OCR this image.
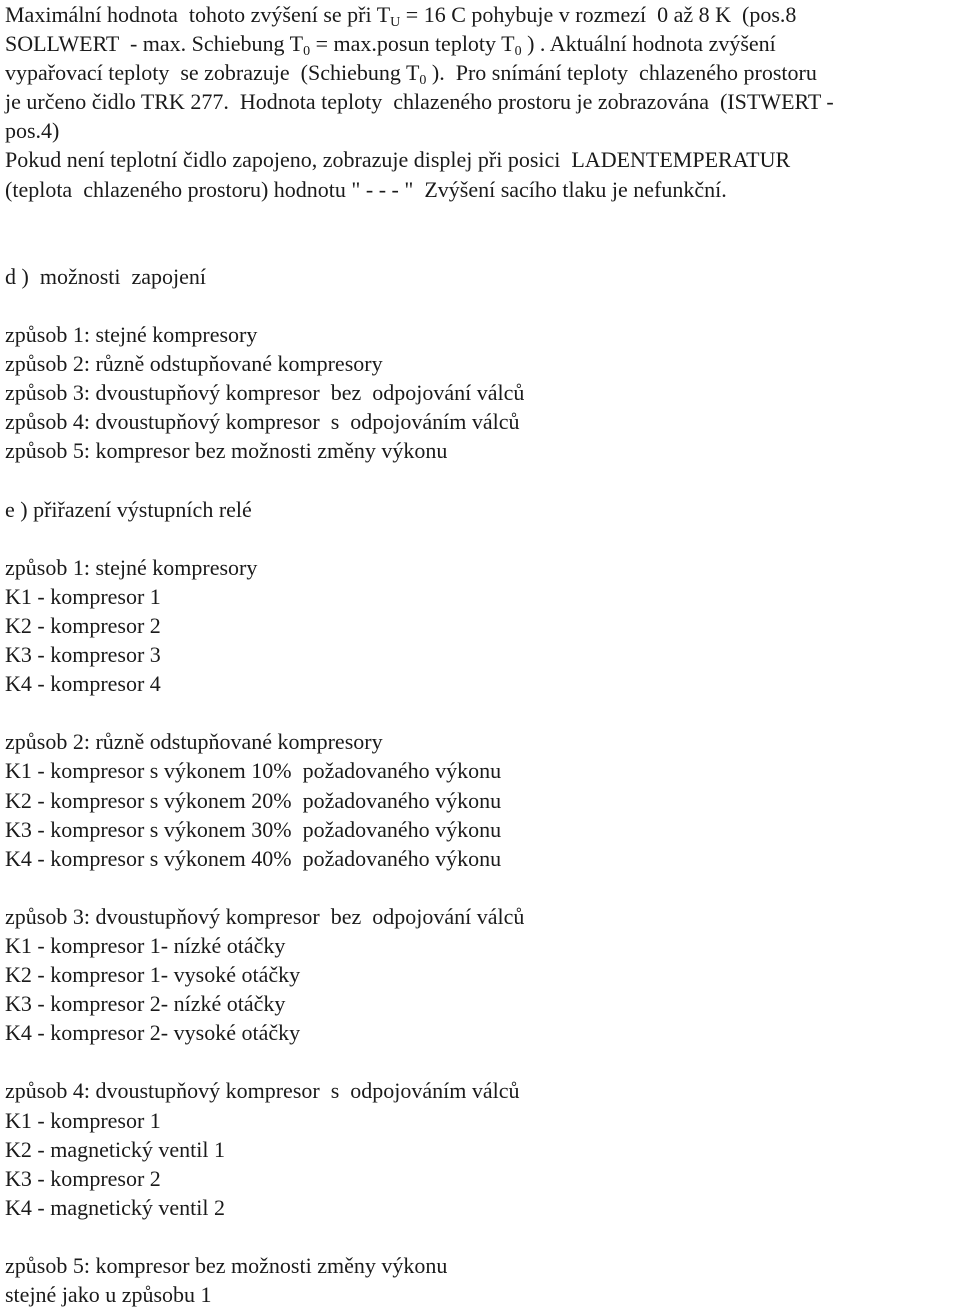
Maximální hodnota  tohoto zvýšení se při $T_U = 16$ C pohybuje v rozmezí  0 až 8 K  (pos.8
SOLLWERT  - max. Schiebung $T_0$ = max.posun teploty $T_0$ ) . Aktuální hodnota zvýšení
vypařovací teploty  se zobrazuje  (Schiebung $T_0$ ).  Pro snímání teploty  chlazeného prostoru
je určeno čidlo TRK 277.  Hodnota teploty  chlazeného prostoru je zobrazována  (ISTWERT -
pos.4)
Pokud není teplotní čidlo zapojeno, zobrazuje displej při posici  LADENTEMPERATUR
(teplota  chlazeného prostoru) hodnotu " - - - "  Zvýšení sacího tlaku je nefunkční.
d )  možnosti  zapojení
způsob 1: stejné kompresory
způsob 2: různě odstupňované kompresory
způsob 3: dvoustupňový kompresor  bez  odpojování válců
způsob 4: dvoustupňový kompresor  s  odpojováním válců
způsob 5: kompresor bez možnosti změny výkonu
e ) přiřazení výstupních relé
způsob 1: stejné kompresory
K1 - kompresor 1
K2 - kompresor 2
K3 - kompresor 3
K4 - kompresor 4
způsob 2: různě odstupňované kompresory
K1 - kompresor s výkonem 10%  požadovaného výkonu
K2 - kompresor s výkonem 20%  požadovaného výkonu
K3 - kompresor s výkonem 30%  požadovaného výkonu
K4 - kompresor s výkonem 40%  požadovaného výkonu
způsob 3: dvoustupňový kompresor  bez  odpojování válců
K1 - kompresor 1- nízké otáčky
K2 - kompresor 1- vysoké otáčky
K3 - kompresor 2- nízké otáčky
K4 - kompresor 2- vysoké otáčky
způsob 4: dvoustupňový kompresor  s  odpojováním válců
K1 - kompresor 1
K2 - magnetický ventil 1
K3 - kompresor 2
K4 - magnetický ventil 2
způsob 5: kompresor bez možnosti změny výkonu
stejné jako u způsobu 1
